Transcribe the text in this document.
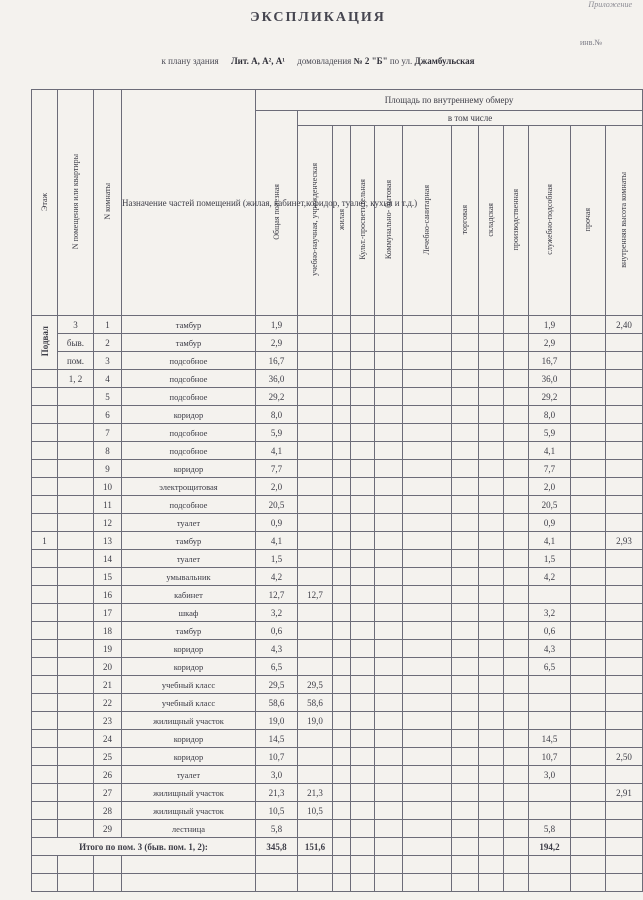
Приложение
ЭКСПЛИКАЦИЯ
инв.№
к плану здания Лит. А, А², А¹ домовладения № 2 "Б" по ул. Джамбульская
Этаж	N помещения или квартиры	N комнаты	Назначение частей помещений (жилая, кабинет,коридор, туалет, кухня и т.д.)	Площадь по внутреннему обмеру											
				Общая полезная	в том числе										
					учебно-научная, учрежденческая	жилая	Культ.-просветительная	Коммунально- бытовая	Лечебно-санитарная	торговая	складская	производственная	служебно-подсобная	прочая	внутренняя высота комнаты
Подвал	3	1	тамбур	1,9									1,9		2,40
	быв.	2	тамбур	2,9									2,9		
	пом.	3	подсобное	16,7									16,7		
	1, 2	4	подсобное	36,0									36,0		
		5	подсобное	29,2									29,2		
		6	коридор	8,0									8,0		
		7	подсобное	5,9									5,9		
		8	подсобное	4,1									4,1		
		9	коридор	7,7									7,7		
		10	электрощитовая	2,0									2,0		
		11	подсобное	20,5									20,5		
		12	туалет	0,9									0,9		
1		13	тамбур	4,1									4,1		2,93
		14	туалет	1,5									1,5		
		15	умывальник	4,2									4,2		
		16	кабинет	12,7	12,7										
		17	шкаф	3,2									3,2		
		18	тамбур	0,6									0,6		
		19	коридор	4,3									4,3		
		20	коридор	6,5									6,5		
		21	учебный класс	29,5	29,5										
		22	учебный класс	58,6	58,6										
		23	жилищный участок	19,0	19,0										
		24	коридор	14,5									14,5		
		25	коридор	10,7									10,7		2,50
		26	туалет	3,0									3,0		
		27	жилищный участок	21,3	21,3										2,91
		28	жилищный участок	10,5	10,5										
		29	лестница	5,8									5,8		
Итого по пом. 3 (быв. пом. 1, 2):				345,8	151,6								194,2		
